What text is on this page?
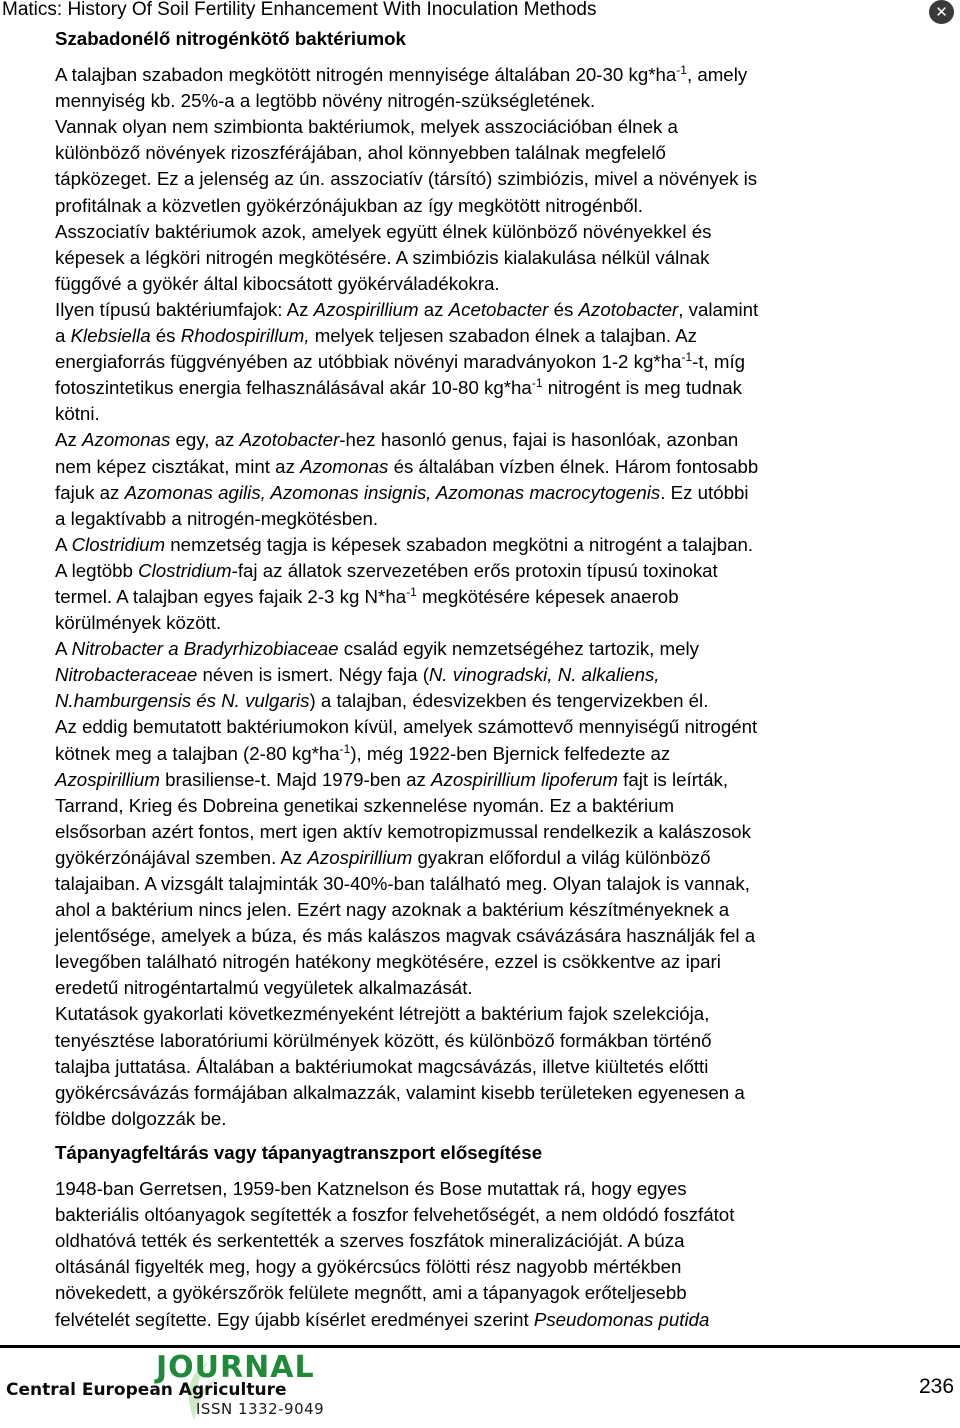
Matics: History Of Soil Fertility Enhancement With Inoculation Methods	✕
Szabadonélő nitrogénkötő baktériumok

A talajban szabadon megkötött nitrogén mennyisége általában 20-30 $kg*ha^{-1}$, amely

mennyiség kb. 25%-a a legtöbb növény nitrogén-szükségletének.

Vannak olyan nem szimbionta baktériumok, melyek asszociációban élnek a

különböző növények rizoszférájában, ahol könnyebben találnak megfelelő

tápközeget. Ez a jelenség az ún. asszociatív (társító) szimbiózis, mivel a növények is

profitálnak a közvetlen gyökérzónájukban az így megkötött nitrogénből.

Asszociatív baktériumok azok, amelyek együtt élnek különböző növényekkel és

képesek a légköri nitrogén megkötésére. A szimbiózis kialakulása nélkül válnak

függővé a gyökér által kibocsátott gyökérváladékokra.

Ilyen típusú baktériumfajok: Az Azospirillium az Acetobacter és Azotobacter, valamint

a Klebsiella és Rhodospirillum, melyek teljesen szabadon élnek a talajban. Az

energiaforrás függvényében az utóbbiak növényi maradványokon 1-2 $kg*ha^{-1}-t$, míg

fotoszintetikus energia felhasználásával akár 10-80 $kg*ha^{-1}$ nitrogént is meg tudnak

kötni.

Az Azomonas egy, az Azotobacter-hez hasonló genus, fajai is hasonlóak, azonban

nem képez cisztákat, mint az Azomonas és általában vízben élnek. Három fontosabb

fajuk az Azomonas agilis, Azomonas insignis, Azomonas macrocytogenis. Ez utóbbi

a legaktívabb a nitrogén-megkötésben.

A Clostridium nemzetség tagja is képesek szabadon megkötni a nitrogént a talajban.

A legtöbb Clostridium-faj az állatok szervezetében erős protoxin típusú toxinokat

termel. A talajban egyes fajaik 2-3 kg $N*ha^{-1}$ megkötésére képesek anaerob

körülmények között.

A Nitrobacter a Bradyrhizobiaceae család egyik nemzetségéhez tartozik, mely

Nitrobacteraceae néven is ismert. Négy faja (N. vinogradski, N. alkaliens,

N.hamburgensis és N. vulgaris) a talajban, édesvizekben és tengervizekben él.

Az eddig bemutatott baktériumokon kívül, amelyek számottevő mennyiségű nitrogént

kötnek meg a talajban (2-80 $kg*ha^{-1}$), még 1922-ben Bjernick felfedezte az

Azospirillium brasiliense-t. Majd 1979-ben az Azospirillium lipoferum fajt is leírták,

Tarrand, Krieg és Dobreina genetikai szkennelése nyomán. Ez a baktérium

elsősorban azért fontos, mert igen aktív kemotropizmussal rendelkezik a kalászosok

gyökérzónájával szemben. Az Azospirillium gyakran előfordul a világ különböző

talajaiban. A vizsgált talajminták 30-40%-ban található meg. Olyan talajok is vannak,

ahol a baktérium nincs jelen. Ezért nagy azoknak a baktérium készítményeknek a

jelentősége, amelyek a búza, és más kalászos magvak csávázására használják fel a

levegőben található nitrogén hatékony megkötésére, ezzel is csökkentve az ipari

eredetű nitrogéntartalmú vegyületek alkalmazását.

Kutatások gyakorlati következményeként létrejött a baktérium fajok szelekciója,

tenyésztése laboratóriumi körülmények között, és különböző formákban történő

talajba juttatása. Általában a baktériumokat magcsávázás, illetve kiültetés előtti

gyökércsávázás formájában alkalmazzák, valamint kisebb területeken egyenesen a

földbe dolgozzák be.

Tápanyagfeltárás vagy tápanyagtranszport elősegítése

1948-ban Gerretsen, 1959-ben Katznelson és Bose mutattak rá, hogy egyes

bakteriális oltóanyagok segítették a foszfor felvehetőségét, a nem oldódó foszfátot

oldhatóvá tették és serkentették a szerves foszfátok mineralizációját. A búza

oltásánál figyelték meg, hogy a gyökércsúcs fölötti rész nagyobb mértékben

növekedett, a gyökérszőrök felülete megnőtt, ami a tápanyagok erőteljesebb

felvételét segítette. Egy újabb kísérlet eredményei szerint Pseudomonas putida

JOURNAL
Central European Agriculture
ISSN 1332-9049
236
